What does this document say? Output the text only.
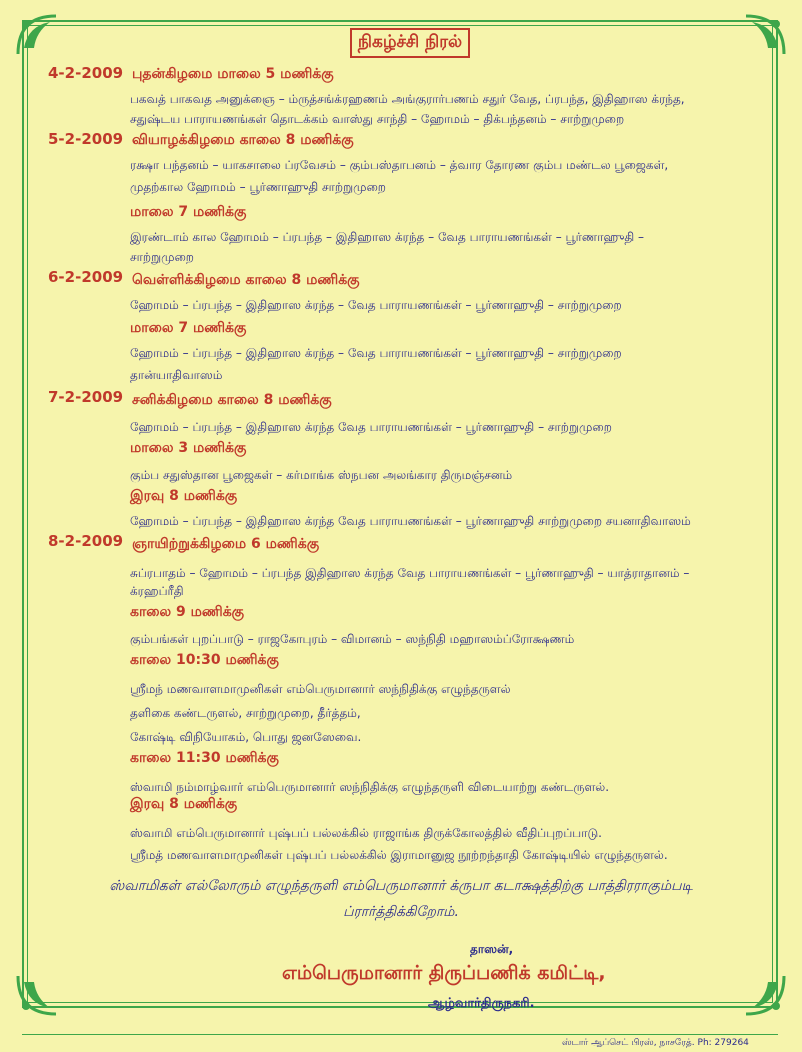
நிகழ்ச்சி நிரல்
4-2-2009 புதன்கிழமை மாலை 5 மணிக்கு
பகவத் பாகவத அனுக்ஞை – ம்ருத்சங்க்ரஹணம் அங்குரார்பணம் சதுர் வேத, ப்ரபந்த, இதிஹாஸ க்ரந்த,
சதுஷ்டய பாராயணங்கள் தொடக்கம் வாஸ்து சாந்தி – ஹோமம் – திக்பந்தனம் – சாற்றுமுறை
5-2-2009 வியாழக்கிழமை காலை 8 மணிக்கு
ரக்ஷா பந்தனம் – யாகசாலை ப்ரவேசம் – கும்பஸ்தாபனம் – த்வார தோரண கும்ப மண்டல பூஜைகள்,
முதற்கால ஹோமம் – பூர்ணாஹுதி சாற்றுமுறை
மாலை 7 மணிக்கு
இரண்டாம் கால ஹோமம் – ப்ரபந்த – இதிஹாஸ க்ரந்த – வேத பாராயணங்கள் – பூர்ணாஹுதி –
சாற்றுமுறை
6-2-2009 வெள்ளிக்கிழமை காலை 8 மணிக்கு
ஹோமம் – ப்ரபந்த – இதிஹாஸ க்ரந்த – வேத பாராயணங்கள் – பூர்ணாஹுதி – சாற்றுமுறை
மாலை 7 மணிக்கு
ஹோமம் – ப்ரபந்த – இதிஹாஸ க்ரந்த – வேத பாராயணங்கள் – பூர்ணாஹுதி – சாற்றுமுறை
தான்யாதிவாஸம்
7-2-2009 சனிக்கிழமை காலை 8 மணிக்கு
ஹோமம் – ப்ரபந்த – இதிஹாஸ க்ரந்த வேத பாராயணங்கள் – பூர்ணாஹுதி – சாற்றுமுறை
மாலை 3 மணிக்கு
கும்ப சதுஸ்தான பூஜைகள் – கர்மாங்க ஸ்நபன அலங்கார திருமஞ்சனம்
இரவு 8 மணிக்கு
ஹோமம் – ப்ரபந்த – இதிஹாஸ க்ரந்த வேத பாராயணங்கள் – பூர்ணாஹுதி சாற்றுமுறை சயனாதிவாஸம்
8-2-2009 ஞாயிற்றுக்கிழமை 6 மணிக்கு
சுப்ரபாதம் – ஹோமம் – ப்ரபந்த இதிஹாஸ க்ரந்த வேத பாராயணங்கள் – பூர்ணாஹுதி – யாத்ராதானம் –
க்ரஹப்ரீதி
காலை 9 மணிக்கு
கும்பங்கள் புறப்பாடு – ராஜகோபுரம் – விமானம் – ஸந்நிதி மஹாஸம்ப்ரோக்ஷணம்
காலை 10:30 மணிக்கு
ஸ்ரீமந் மணவாளமாமுனிகள் எம்பெருமானார் ஸந்நிதிக்கு எழுந்தருளல்
தளிகை கண்டருளல், சாற்றுமுறை, தீர்த்தம்,
கோஷ்டி விநியோகம், பொது ஜனஸேவை.
காலை 11:30 மணிக்கு
ஸ்வாமி நம்மாழ்வார் எம்பெருமானார் ஸந்நிதிக்கு எழுந்தருளி விடையாற்று கண்டருளல்.
இரவு 8 மணிக்கு
ஸ்வாமி எம்பெருமானார் புஷ்பப் பல்லக்கில் ராஜாங்க திருக்கோலத்தில் வீதிப்புறப்பாடு.
ஸ்ரீமத் மணவாளமாமுனிகள் புஷ்பப் பல்லக்கில் இராமானுஜ நூற்றந்தாதி கோஷ்டியில் எழுந்தருளல்.
ஸ்வாமிகள் எல்லோரும் எழுந்தருளி எம்பெருமானார் க்ருபா கடாக்ஷத்திற்கு பாத்திரராகும்படி
ப்ரார்த்திக்கிறோம்.
தாஸன்,
எம்பெருமானார் திருப்பணிக் கமிட்டி,
ஆழ்வார்திருநகரி.
ஸ்டார் ஆப்செட் பிரஸ், நாசரேத். Ph: 279264
